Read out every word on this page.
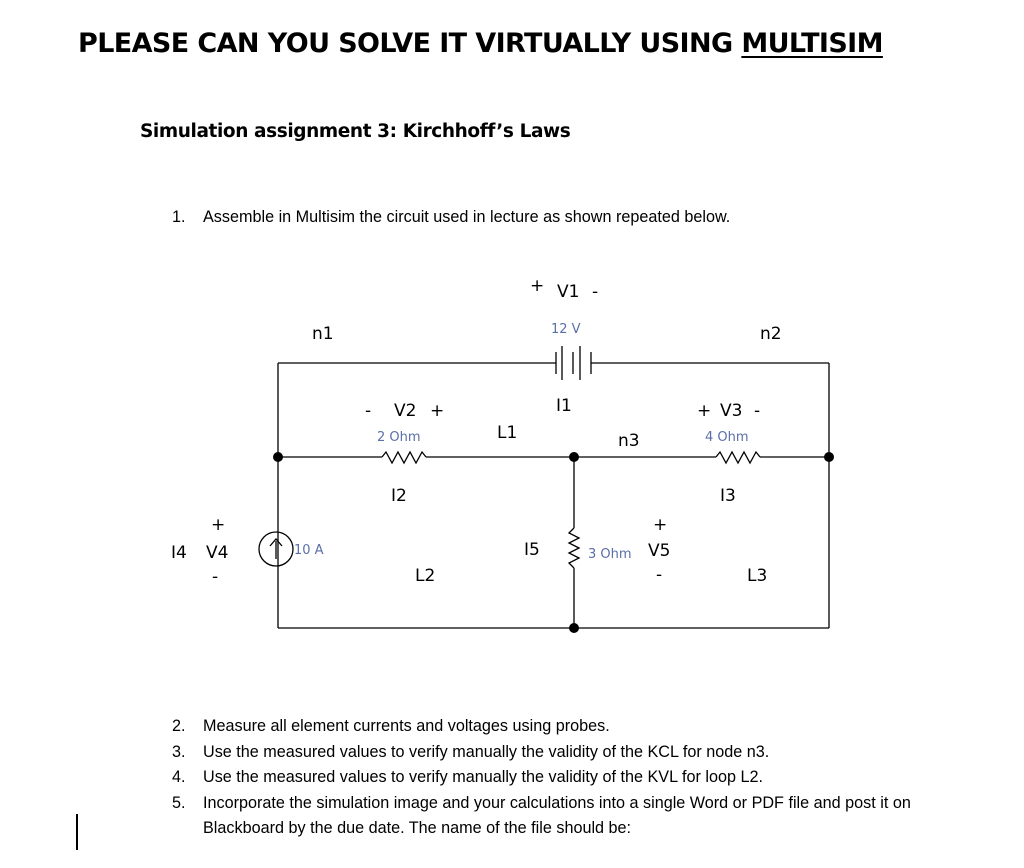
PLEASE CAN YOU SOLVE IT VIRTUALLY USING MULTISIM
Simulation assignment 3: Kirchhoff’s Laws
1. Assemble in Multisim the circuit used in lecture as shown repeated below.
n1	n2
n3
+ V1 -
12 V
I1
- V2 +
2 Ohm
I2
L1
L2	L3
+ V3 -
4 Ohm
I3
I5	3 Ohm
+
V5
-
+
I4 V4
-
10 A
2.	Measure all element currents and voltages using probes.
3.	Use the measured values to verify manually the validity of the KCL for node n3.
4.	Use the measured values to verify manually the validity of the KVL for loop L2.
5.	Incorporate the simulation image and your calculations into a single Word or PDF file and post it on Blackboard by the due date. The name of the file should be:
